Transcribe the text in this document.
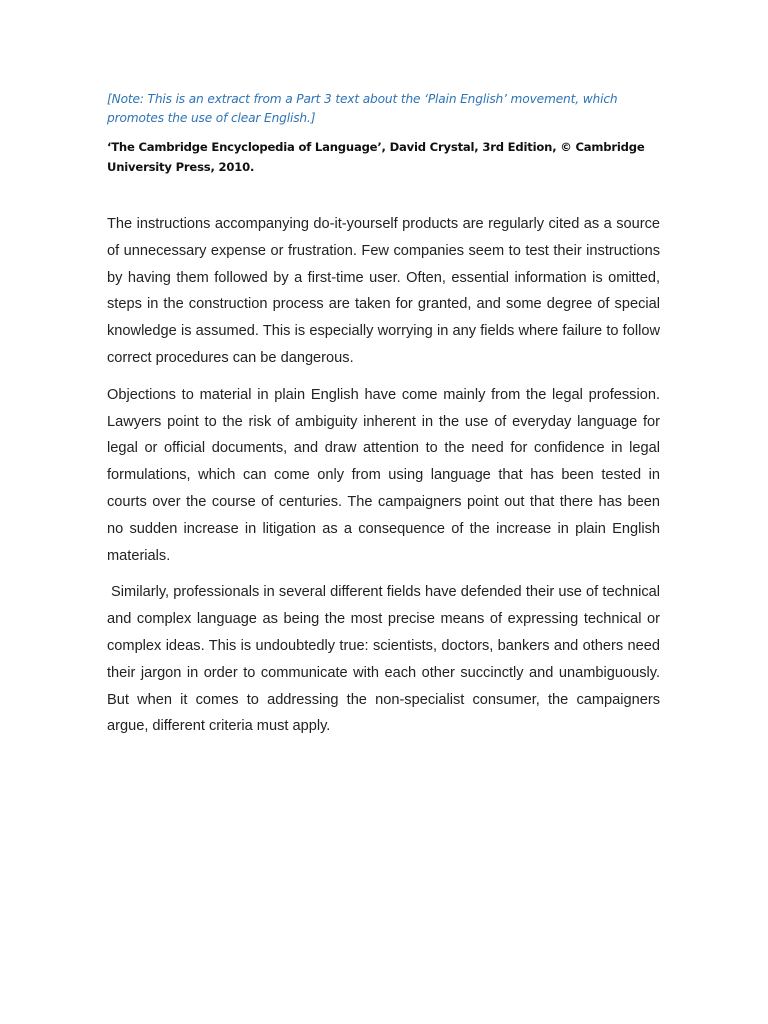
[Note: This is an extract from a Part 3 text about the ‘Plain English’ movement, which promotes the use of clear English.]

‘The Cambridge Encyclopedia of Language’, David Crystal, 3rd Edition, © Cambridge University Press, 2010.

The instructions accompanying do-it-yourself products are regularly cited as a source of unnecessary expense or frustration. Few companies seem to test their instructions by having them followed by a first-time user. Often, essential information is omitted, steps in the construction process are taken for granted, and some degree of special knowledge is assumed. This is especially worrying in any fields where failure to follow correct procedures can be dangerous.

Objections to material in plain English have come mainly from the legal profession. Lawyers point to the risk of ambiguity inherent in the use of everyday language for legal or official documents, and draw attention to the need for confidence in legal formulations, which can come only from using language that has been tested in courts over the course of centuries. The campaigners point out that there has been no sudden increase in litigation as a consequence of the increase in plain English materials.

Similarly, professionals in several different fields have defended their use of technical and complex language as being the most precise means of expressing technical or complex ideas. This is undoubtedly true: scientists, doctors, bankers and others need their jargon in order to communicate with each other succinctly and unambiguously. But when it comes to addressing the non-specialist consumer, the campaigners argue, different criteria must apply.
